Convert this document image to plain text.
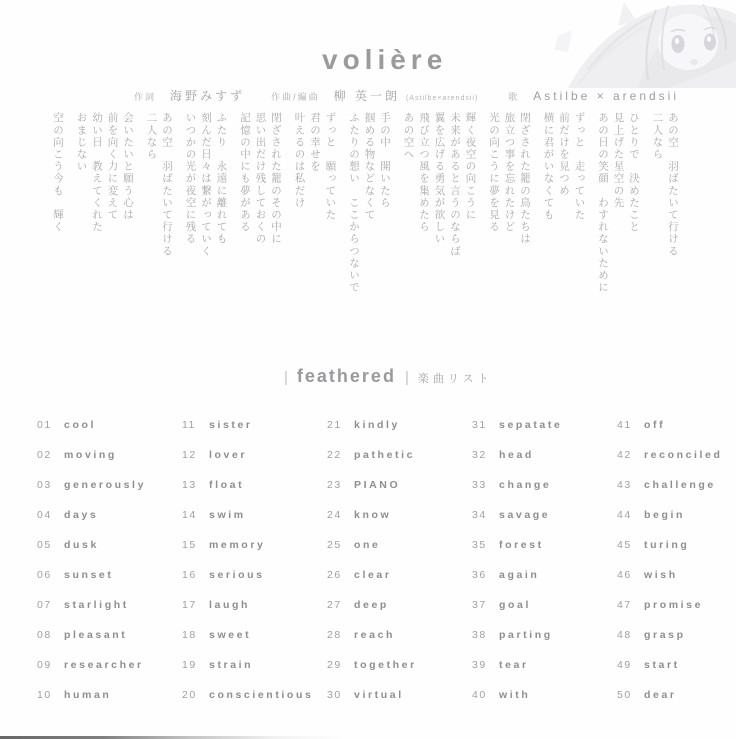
volière
作詞 海野みすず	作曲/編曲 柳 英一朗 (Astilbe×arendsii)	歌 Astilbe × arendsii
あの空　羽ばたいて行ける
二人なら
ひとりで　決めたこと
見上げた星空の先
あの日の笑顔　わすれないために
ずっと　走っていた
前だけを見つめ
横に君がいなくても
閉ざされた籠の鳥たちは
旅立つ事を忘れたけど
光の向こうに夢を見る
輝く夜空の向こうに
未来があると言うのならば
翼を広げる勇気が欲しい
飛び立つ風を集めたら
あの空へ
手の中　開いたら
掴める物などなくて
ふたりの想い　ここからつないで
ずっと　願っていた
君の幸せを
叶えるのは私だけ
閉ざされた籠のその中に
思い出だけ残しておくの
記憶の中にも夢がある
ふたり　永遠に離れても
刻んだ日々は繋がっていく
いつかの光が夜空に残る
あの空　羽ばたいて行ける
二人なら
会いたいと願う心は
前を向く力に変えて
幼い日　教えてくれた
おまじない
空の向こう今も　輝く
| feathered | 楽曲リスト
01	cool
02	moving
03	generously
04	days
05	dusk
06	sunset
07	starlight
08	pleasant
09	researcher
10	human
11	sister
12	lover
13	float
14	swim
15	memory
16	serious
17	laugh
18	sweet
19	strain
20	conscientious
21	kindly
22	pathetic
23	PIANO
24	know
25	one
26	clear
27	deep
28	reach
29	together
30	virtual
31	sepatate
32	head
33	change
34	savage
35	forest
36	again
37	goal
38	parting
39	tear
40	with
41	off
42	reconciled
43	challenge
44	begin
45	turing
46	wish
47	promise
48	grasp
49	start
50	dear
